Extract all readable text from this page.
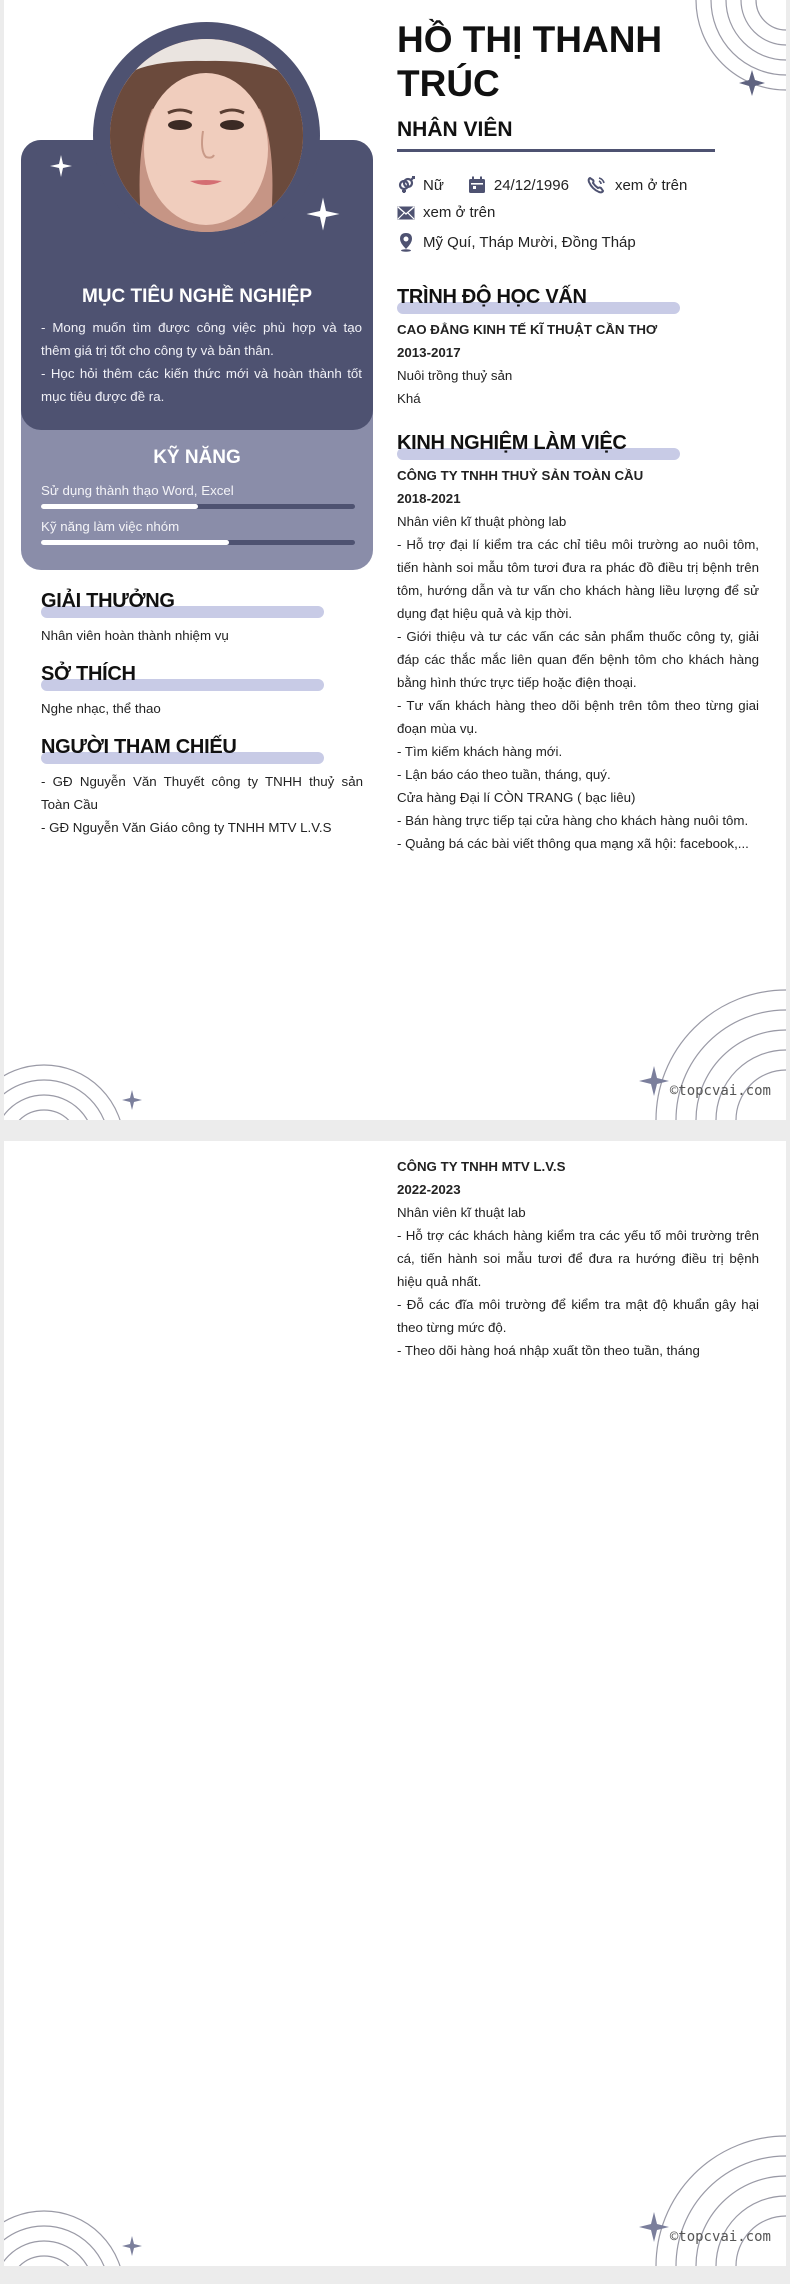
MỤC TIÊU NGHỀ NGHIỆP
- Mong muốn tìm được công việc phù hợp và tạo thêm giá trị tốt cho công ty và bản thân.
- Học hỏi thêm các kiến thức mới và hoàn thành tốt mục tiêu được đề ra.
KỸ NĂNG
Sử dụng thành thạo Word, Excel
Kỹ năng làm việc nhóm
GIẢI THƯỞNG
Nhân viên hoàn thành nhiệm vụ
SỞ THÍCH
Nghe nhạc, thể thao
NGƯỜI THAM CHIẾU
- GĐ Nguyễn Văn Thuyết công ty TNHH thuỷ sản Toàn Cầu
- GĐ Nguyễn Văn Giáo công ty TNHH MTV L.V.S
HỒ THỊ THANH TRÚC
NHÂN VIÊN
Nữ	24/12/1996	xem ở trên
xem ở trên
Mỹ Quí, Tháp Mười, Đồng Tháp
TRÌNH ĐỘ HỌC VẤN
CAO ĐẲNG KINH TẾ KĨ THUẬT CẦN THƠ
2013-2017
Nuôi trồng thuỷ sản
Khá
KINH NGHIỆM LÀM VIỆC
CÔNG TY TNHH THUỶ SẢN TOÀN CẦU
2018-2021
Nhân viên kĩ thuật phòng lab
- Hỗ trợ đại lí kiểm tra các chỉ tiêu môi trường ao nuôi tôm, tiến hành soi mẫu tôm tươi đưa ra phác đồ điều trị bệnh trên tôm, hướng dẫn và tư vấn cho khách hàng liều lượng để sử dụng đạt hiệu quả và kịp thời.
- Giới thiệu và tư các vấn các sản phẩm thuốc công ty, giải đáp các thắc mắc liên quan đến bệnh tôm cho khách hàng bằng hình thức trực tiếp hoặc điện thoại.
- Tư vấn khách hàng theo dõi bệnh trên tôm theo từng giai đoạn mùa vụ.
- Tìm kiếm khách hàng mới.
- Lận báo cáo theo tuần, tháng, quý.
Cửa hàng Đại lí CÒN TRANG ( bạc liêu)
- Bán hàng trực tiếp tại cửa hàng cho khách hàng nuôi tôm.
- Quảng bá các bài viết thông qua mạng xã hội: facebook,...
©topcvai.com
CÔNG TY TNHH MTV L.V.S
2022-2023
Nhân viên kĩ thuật lab
- Hỗ trợ các khách hàng kiểm tra các yếu tố môi trường trên cá, tiến hành soi mẫu tươi để đưa ra hướng điều trị bệnh hiệu quả nhất.
- Đỗ các đĩa môi trường để kiểm tra mật độ khuẩn gây hại theo từng mức độ.
- Theo dõi hàng hoá nhập xuất tồn theo tuần, tháng
©topcvai.com
